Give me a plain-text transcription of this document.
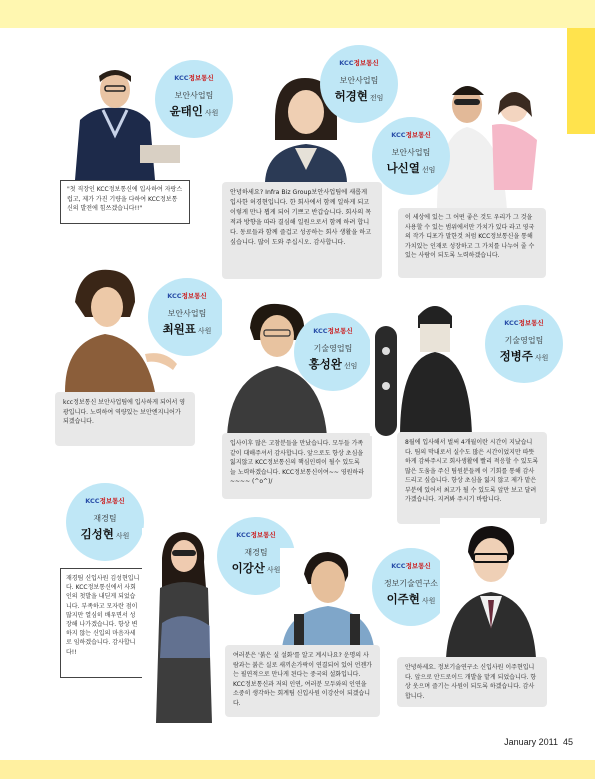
KCC정보통신
보안사업팀
윤태인 사원
"첫 직장인 KCC정보통신에 입사하여 자랑스럽고, 제가 가진 기량을 다하여 KCC정보통신의 발전에 힘쓰겠습니다!!"
KCC정보통신
보안사업팀
허경현 전임
안녕하세요? Infra Biz Group보안사업팀에 새롭게 입사한 허경현입니다. 한 회사에서 함께 일하게 되고 이렇게 만나 뵙게 되어 기쁘고 반갑습니다. 회사의 목적과 방향을 따라 결심해 일원으로서 함께 하려 합니다. 동료들과 함께 즐겁고 성공하는 회사 생활을 하고 싶습니다. 많이 도와 주십시오. 감사합니다.
KCC정보통신
보안사업팀
나신열 선임
이 세상에 있는 그 어떤 좋은 것도 우리가 그 것을 사용할 수 있는 범위에서만 가치가 있다 라고 영국의 작가 디포가 말한것 처럼 KCC정보통신을 통해 가치있는 인재로 성장하고 그 가치를 나누어 줄 수 있는 사람이 되도록 노력하겠습니다.
KCC정보통신
보안사업팀
최원표 사원
kcc정보통신 보안사업팀에 입사하게 되어서 영광입니다. 노력하여 역량있는 보안엔지니어가 되겠습니다.
KCC정보통신
기술영업팀
홍성완 선임
입사이후 많은 고참분들을 만났습니다. 모두들 가족같이 대해주셔서 감사합니다. 앞으로도 항상 초심을 잃지않고 KCC정보통신의 핵심인력이 될수 있도록 늘 노력하겠습니다. KCC정보통신이여~~ 영원하라~~~~ (^o^)/
KCC정보통신
기술영업팀
정병주 사원
8월에 입사해서 벌써 4개월이란 시간이 지났습니다. 팀의 막내로서 실수도 많은 시간이었지만 따뜻하게 감싸주시고 회사생활에 빨리 적응할 수 있도록 많은 도움을 주신 팀원분들께 이 기회를 통해 감사드리고 싶습니다. 항상 초심을 잃지 않고 제가 맡은 부분에 있어서 최고가 될 수 있도록 앞만 보고 달려가겠습니다. 지켜봐 주시기 바랍니다.
KCC정보통신
재경팀
김성현 사원
재경팀 신입사원 김성현입니다. KCC정보통신에서 사회인의 첫발을 내딛게 되었습니다. 부족하고 모자란 점이 많지만 열심히 배우면서 성장해 나가겠습니다. 항상 변하지 않는 신입의 마음자세로 임하겠습니다. 감사합니다!!
KCC정보통신
재경팀
이강산 사원
여러분은 '붉은 실 설화'를 알고 계시나요? 운명의 사람과는 붉은 실로 새끼손가락이 연결되어 있어 언젠가는 필연적으로 만나게 된다는 중국의 설화입니다. KCC정보통신과 저의 인연, 여러분 모두와의 인연을 소중히 생각하는 회계팀 신입사원 이강산이 되겠습니다.
KCC정보통신
정보기술연구소
이주현 사원
안녕하세요. 정보기술연구소 신입사원 이주현입니다. 앞으로 안드로이드 개발을 맡게 되었습니다. 항상 웃으며 즐기는 사원이 되도록 하겠습니다. 감사합니다.
January 2011 45
